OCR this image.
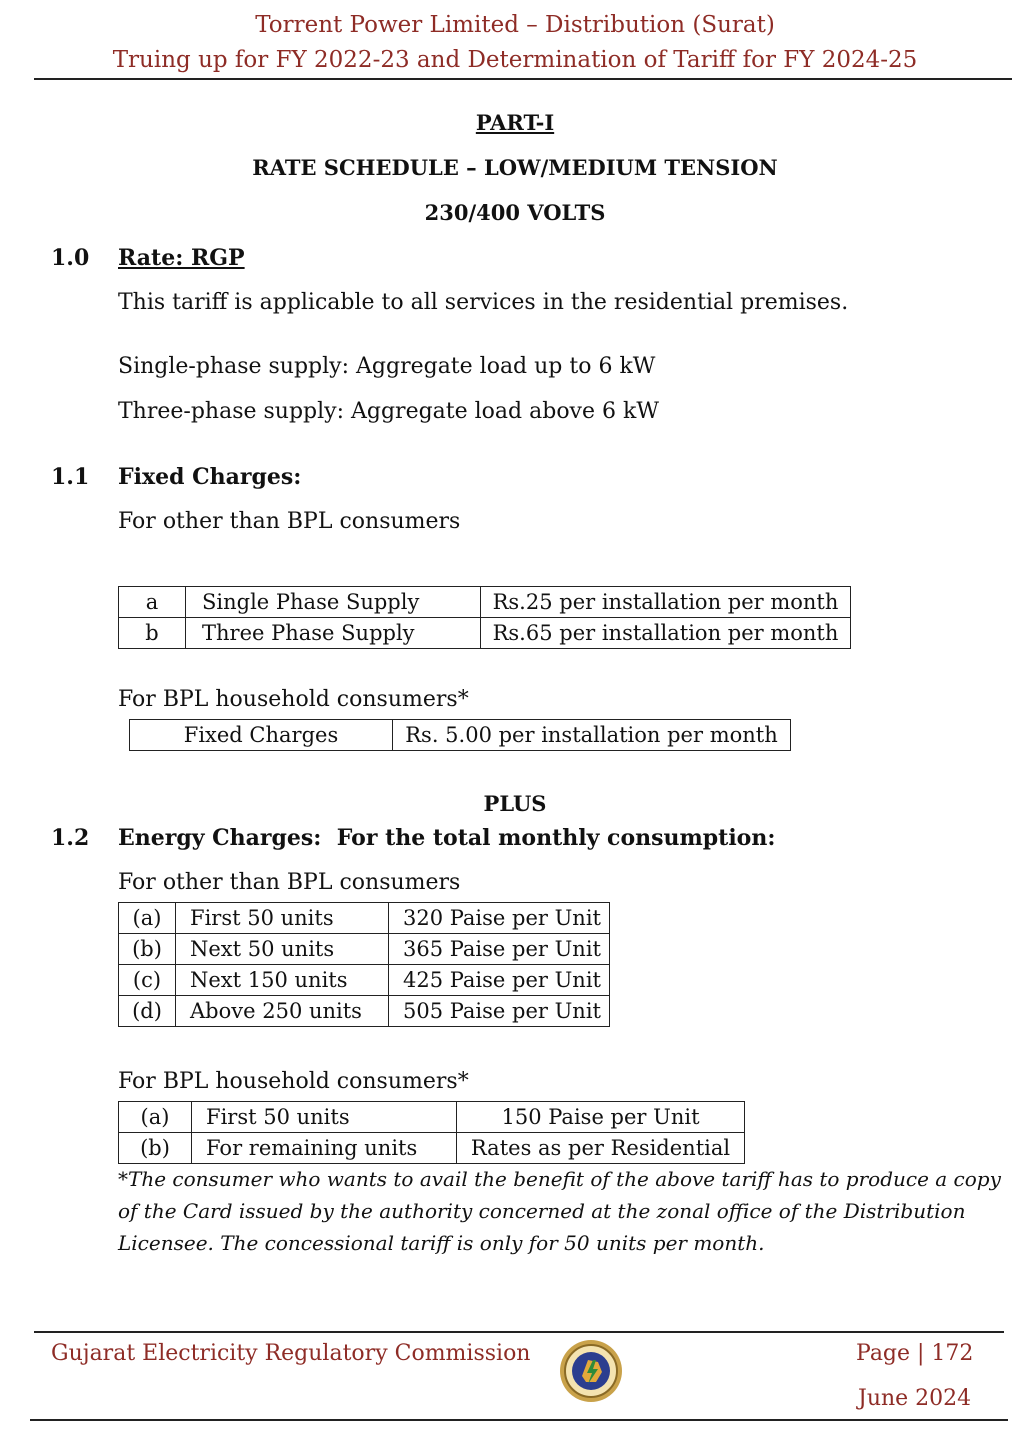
Torrent Power Limited – Distribution (Surat)
Truing up for FY 2022-23 and Determination of Tariff for FY 2024-25
PART-I
RATE SCHEDULE – LOW/MEDIUM TENSION
230/400 VOLTS
1.0 Rate: RGP
This tariff is applicable to all services in the residential premises.
Single-phase supply: Aggregate load up to 6 kW
Three-phase supply: Aggregate load above 6 kW
1.1 Fixed Charges:
For other than BPL consumers
a	Single Phase Supply	Rs.25 per installation per month
b	Three Phase Supply	Rs.65 per installation per month
For BPL household consumers*
Fixed Charges	Rs. 5.00 per installation per month
PLUS
1.2 Energy Charges:  For the total monthly consumption:
For other than BPL consumers
(a)	First 50 units	320 Paise per Unit
(b)	Next 50 units	365 Paise per Unit
(c)	Next 150 units	425 Paise per Unit
(d)	Above 250 units	505 Paise per Unit
For BPL household consumers*
(a)	First 50 units	150 Paise per Unit
(b)	For remaining units	Rates as per Residential
*The consumer who wants to avail the benefit of the above tariff has to produce a copy of the Card issued by the authority concerned at the zonal office of the Distribution Licensee. The concessional tariff is only for 50 units per month.
Gujarat Electricity Regulatory Commission	Page | 172
June 2024
